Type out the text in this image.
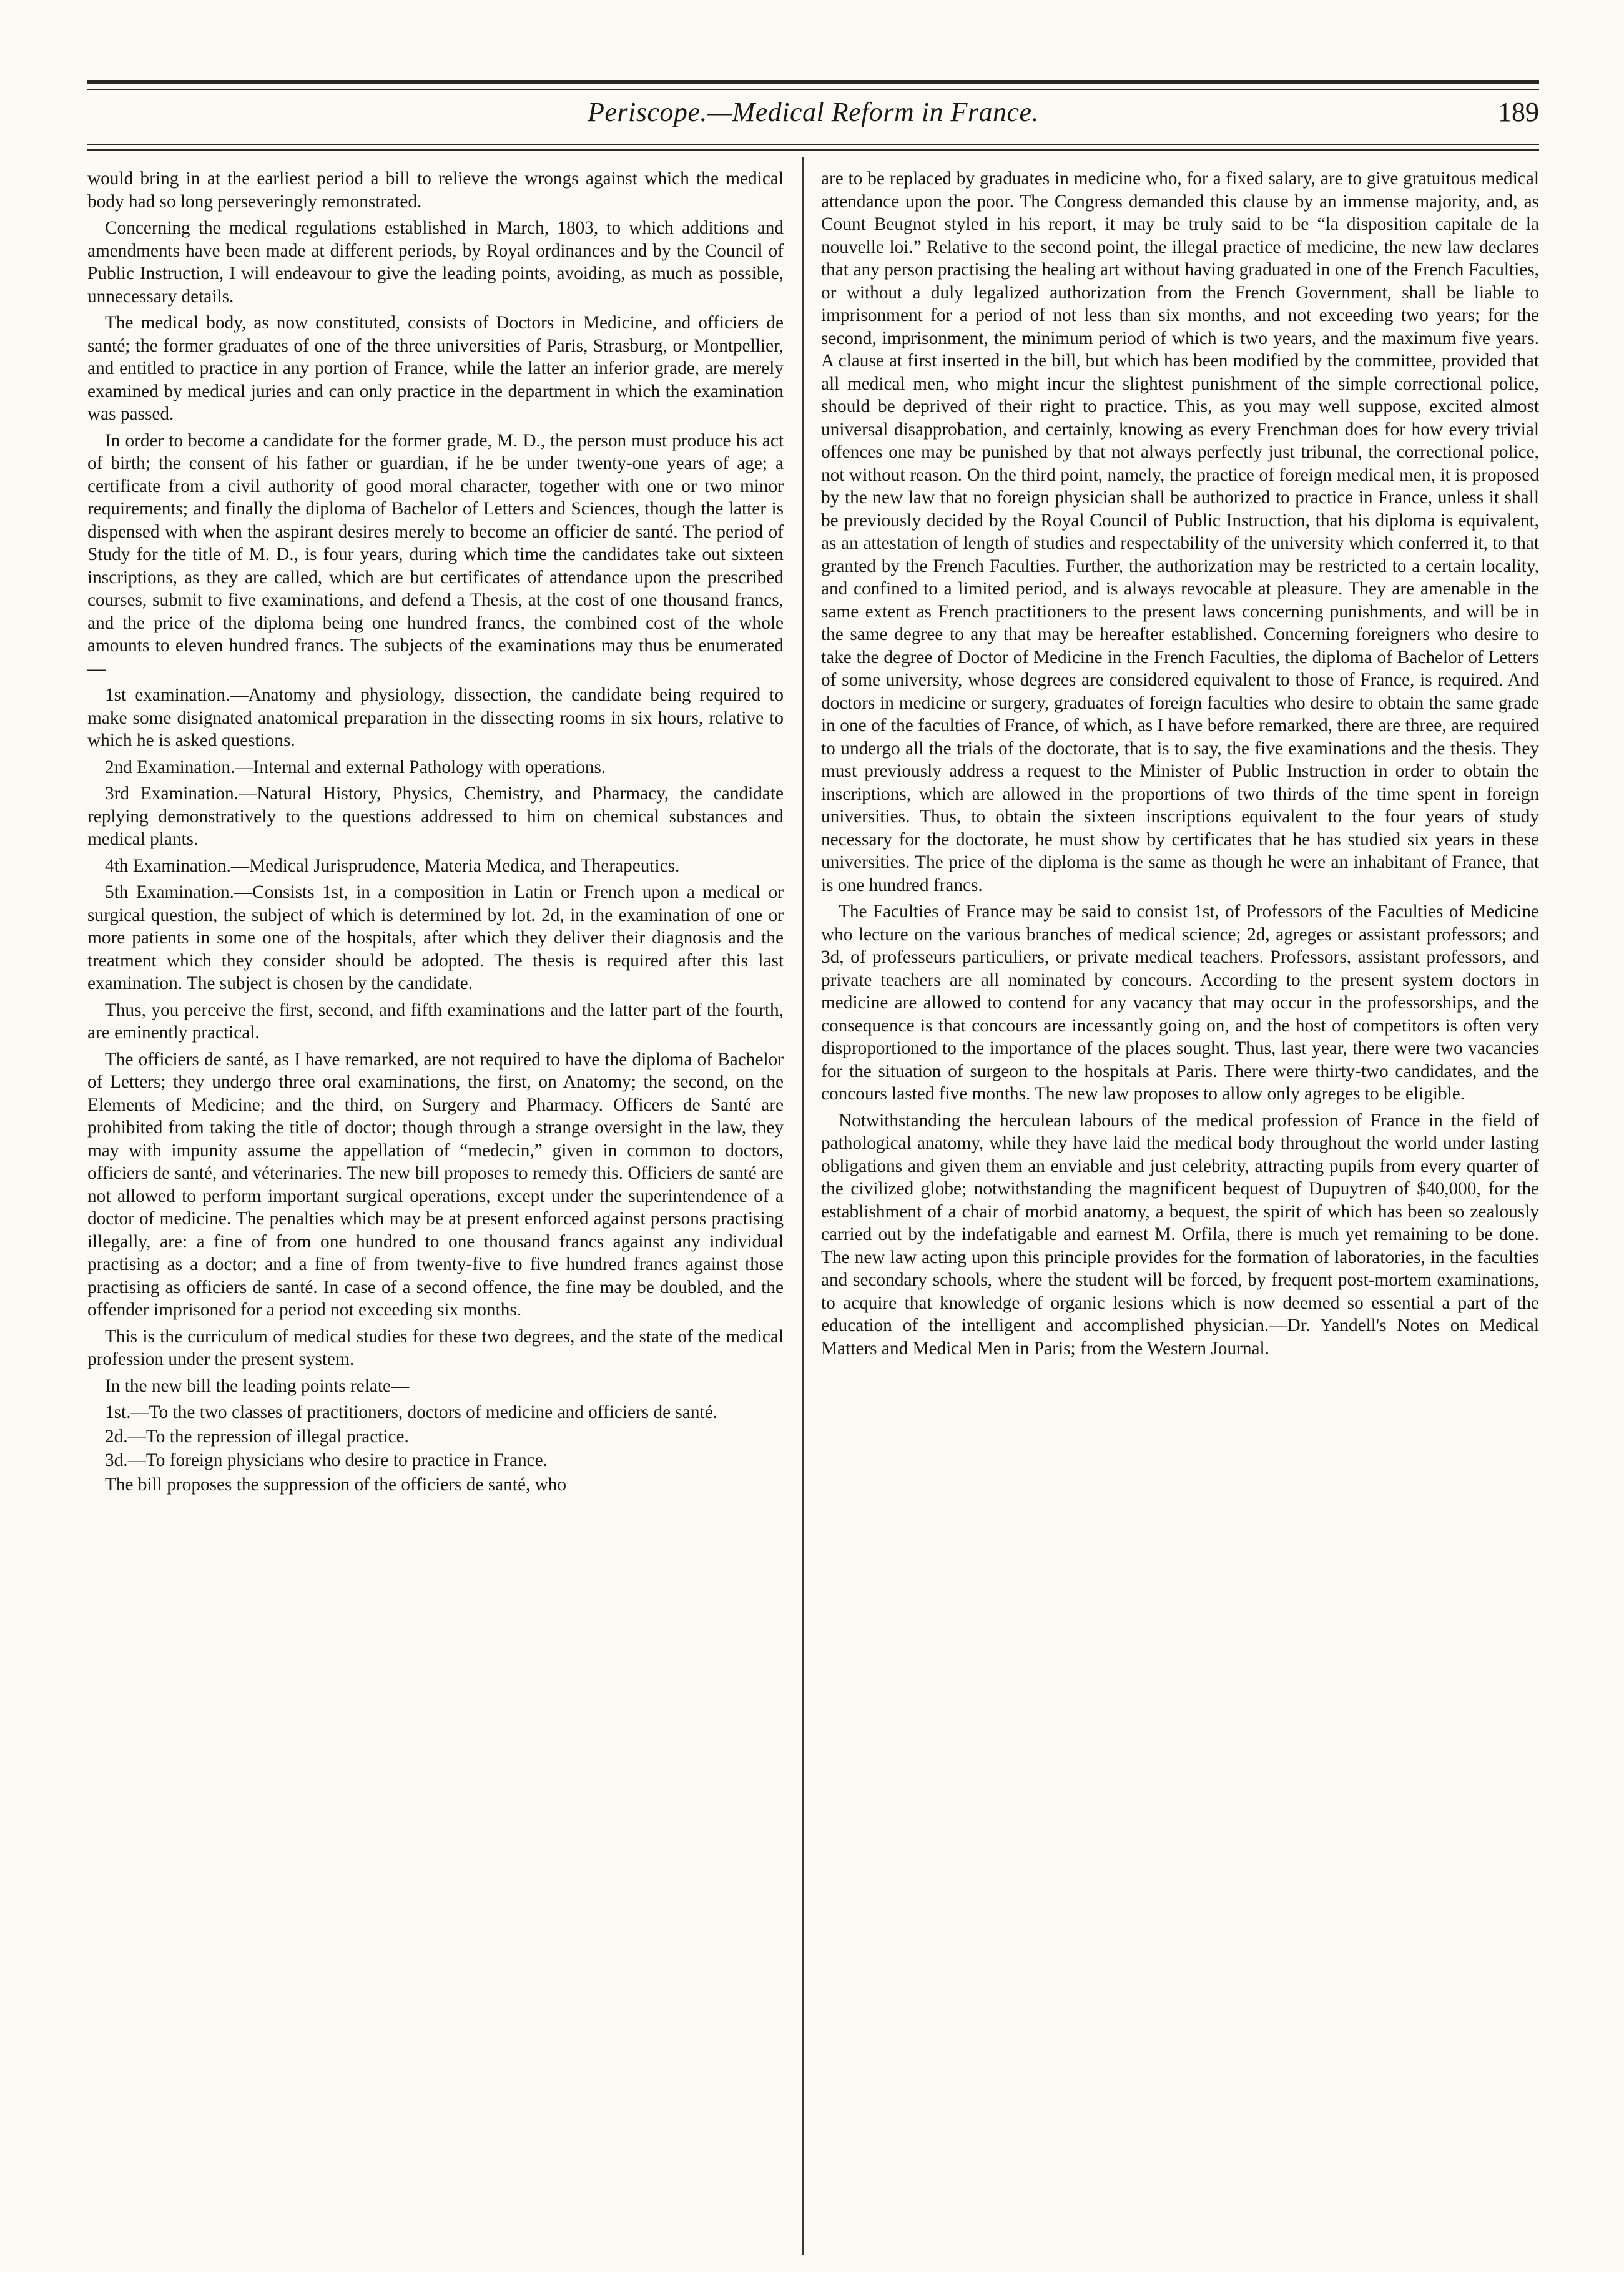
Periscope.—Medical Reform in France.	189

would bring in at the earliest period a bill to relieve the wrongs against which the medical body had so long perseveringly remonstrated.

Concerning the medical regulations established in March, 1803, to which additions and amendments have been made at different periods, by Royal ordinances and by the Council of Public Instruction, I will endeavour to give the leading points, avoiding, as much as possible, unnecessary details.

The medical body, as now constituted, consists of Doctors in Medicine, and officiers de santé; the former graduates of one of the three universities of Paris, Strasburg, or Montpellier, and entitled to practice in any portion of France, while the latter an inferior grade, are merely examined by medical juries and can only practice in the department in which the examination was passed.

In order to become a candidate for the former grade, M. D., the person must produce his act of birth; the consent of his father or guardian, if he be under twenty-one years of age; a certificate from a civil authority of good moral character, together with one or two minor requirements; and finally the diploma of Bachelor of Letters and Sciences, though the latter is dispensed with when the aspirant desires merely to become an officier de santé. The period of Study for the title of M. D., is four years, during which time the candidates take out sixteen inscriptions, as they are called, which are but certificates of attendance upon the prescribed courses, submit to five examinations, and defend a Thesis, at the cost of one thousand francs, and the price of the diploma being one hundred francs, the combined cost of the whole amounts to eleven hundred francs. The subjects of the examinations may thus be enumerated—

1st examination.—Anatomy and physiology, dissection, the candidate being required to make some disignated anatomical preparation in the dissecting rooms in six hours, relative to which he is asked questions.

2nd Examination.—Internal and external Pathology with operations.

3rd Examination.—Natural History, Physics, Chemistry, and Pharmacy, the candidate replying demonstratively to the questions addressed to him on chemical substances and medical plants.

4th Examination.—Medical Jurisprudence, Materia Medica, and Therapeutics.

5th Examination.—Consists 1st, in a composition in Latin or French upon a medical or surgical question, the subject of which is determined by lot. 2d, in the examination of one or more patients in some one of the hospitals, after which they deliver their diagnosis and the treatment which they consider should be adopted. The thesis is required after this last examination. The subject is chosen by the candidate.

Thus, you perceive the first, second, and fifth examinations and the latter part of the fourth, are eminently practical.

The officiers de santé, as I have remarked, are not required to have the diploma of Bachelor of Letters; they undergo three oral examinations, the first, on Anatomy; the second, on the Elements of Medicine; and the third, on Surgery and Pharmacy. Officers de Santé are prohibited from taking the title of doctor; though through a strange oversight in the law, they may with impunity assume the appellation of “medecin,” given in common to doctors, officiers de santé, and véterinaries. The new bill proposes to remedy this. Officiers de santé are not allowed to perform important surgical operations, except under the superintendence of a doctor of medicine. The penalties which may be at present enforced against persons practising illegally, are: a fine of from one hundred to one thousand francs against any individual practising as a doctor; and a fine of from twenty-five to five hundred francs against those practising as officiers de santé. In case of a second offence, the fine may be doubled, and the offender imprisoned for a period not exceeding six months.

This is the curriculum of medical studies for these two degrees, and the state of the medical profession under the present system.

In the new bill the leading points relate—

1st.—To the two classes of practitioners, doctors of medicine and officiers de santé.

2d.—To the repression of illegal practice.

3d.—To foreign physicians who desire to practice in France.

The bill proposes the suppression of the officiers de santé, who

are to be replaced by graduates in medicine who, for a fixed salary, are to give gratuitous medical attendance upon the poor. The Congress demanded this clause by an immense majority, and, as Count Beugnot styled in his report, it may be truly said to be “la disposition capitale de la nouvelle loi.” Relative to the second point, the illegal practice of medicine, the new law declares that any person practising the healing art without having graduated in one of the French Faculties, or without a duly legalized authorization from the French Government, shall be liable to imprisonment for a period of not less than six months, and not exceeding two years; for the second, imprisonment, the minimum period of which is two years, and the maximum five years. A clause at first inserted in the bill, but which has been modified by the committee, provided that all medical men, who might incur the slightest punishment of the simple correctional police, should be deprived of their right to practice. This, as you may well suppose, excited almost universal disapprobation, and certainly, knowing as every Frenchman does for how every trivial offences one may be punished by that not always perfectly just tribunal, the correctional police, not without reason. On the third point, namely, the practice of foreign medical men, it is proposed by the new law that no foreign physician shall be authorized to practice in France, unless it shall be previously decided by the Royal Council of Public Instruction, that his diploma is equivalent, as an attestation of length of studies and respectability of the university which conferred it, to that granted by the French Faculties. Further, the authorization may be restricted to a certain locality, and confined to a limited period, and is always revocable at pleasure. They are amenable in the same extent as French practitioners to the present laws concerning punishments, and will be in the same degree to any that may be hereafter established. Concerning foreigners who desire to take the degree of Doctor of Medicine in the French Faculties, the diploma of Bachelor of Letters of some university, whose degrees are considered equivalent to those of France, is required. And doctors in medicine or surgery, graduates of foreign faculties who desire to obtain the same grade in one of the faculties of France, of which, as I have before remarked, there are three, are required to undergo all the trials of the doctorate, that is to say, the five examinations and the thesis. They must previously address a request to the Minister of Public Instruction in order to obtain the inscriptions, which are allowed in the proportions of two thirds of the time spent in foreign universities. Thus, to obtain the sixteen inscriptions equivalent to the four years of study necessary for the doctorate, he must show by certificates that he has studied six years in these universities. The price of the diploma is the same as though he were an inhabitant of France, that is one hundred francs.

The Faculties of France may be said to consist 1st, of Professors of the Faculties of Medicine who lecture on the various branches of medical science; 2d, agreges or assistant professors; and 3d, of professeurs particuliers, or private medical teachers. Professors, assistant professors, and private teachers are all nominated by concours. According to the present system doctors in medicine are allowed to contend for any vacancy that may occur in the professorships, and the consequence is that concours are incessantly going on, and the host of competitors is often very disproportioned to the importance of the places sought. Thus, last year, there were two vacancies for the situation of surgeon to the hospitals at Paris. There were thirty-two candidates, and the concours lasted five months. The new law proposes to allow only agreges to be eligible.

Notwithstanding the herculean labours of the medical profession of France in the field of pathological anatomy, while they have laid the medical body throughout the world under lasting obligations and given them an enviable and just celebrity, attracting pupils from every quarter of the civilized globe; notwithstanding the magnificent bequest of Dupuytren of $40,000, for the establishment of a chair of morbid anatomy, a bequest, the spirit of which has been so zealously carried out by the indefatigable and earnest M. Orfila, there is much yet remaining to be done. The new law acting upon this principle provides for the formation of laboratories, in the faculties and secondary schools, where the student will be forced, by frequent post-mortem examinations, to acquire that knowledge of organic lesions which is now deemed so essential a part of the education of the intelligent and accomplished physician.—Dr. Yandell's Notes on Medical Matters and Medical Men in Paris; from the Western Journal.
